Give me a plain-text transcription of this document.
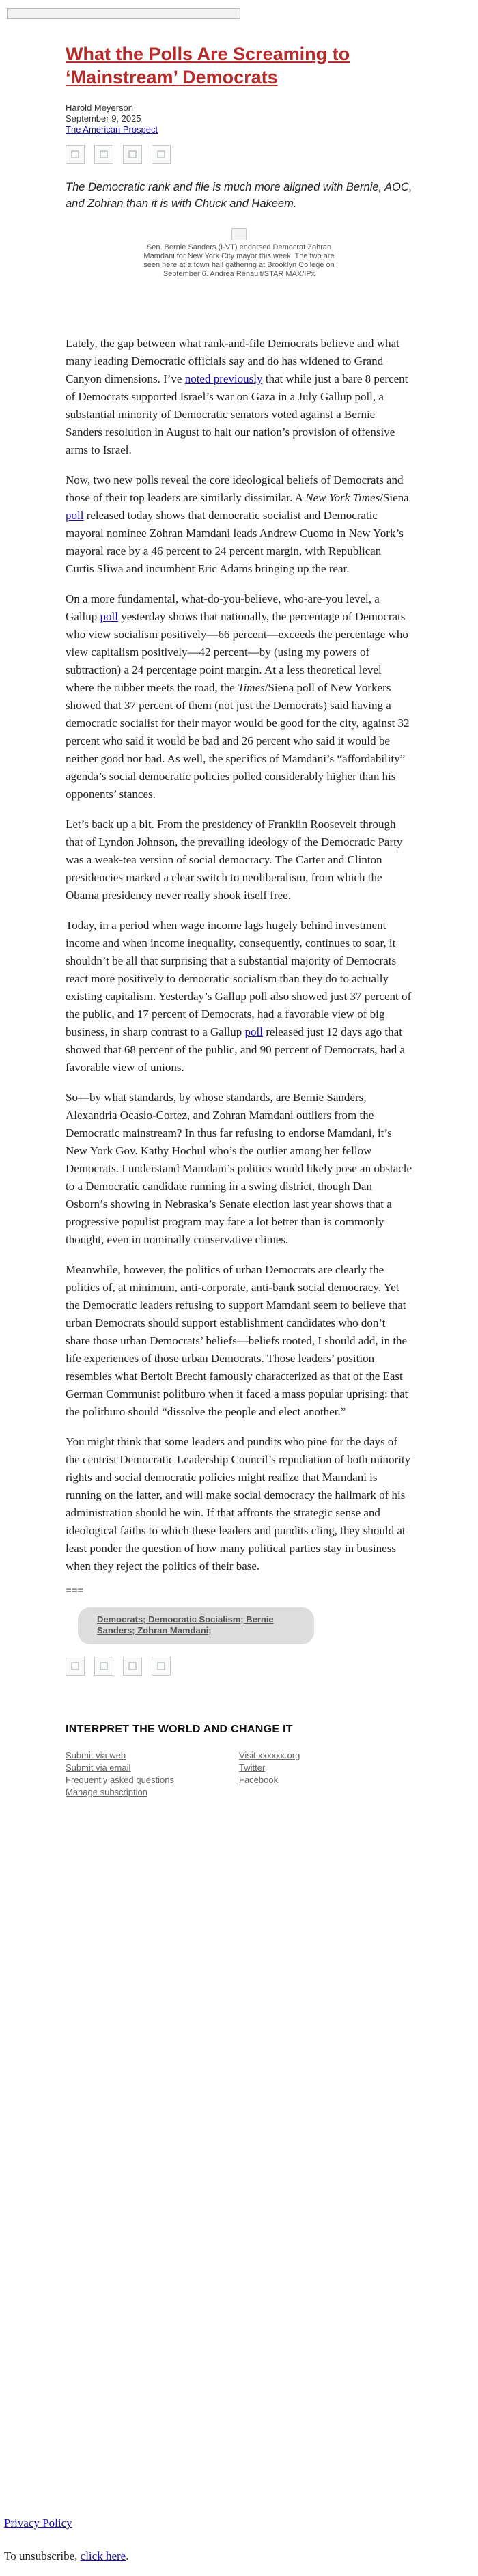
What the Polls Are Screaming to ‘Mainstream’ Democrats
Harold Meyerson
September 9, 2025
The American Prospect
The Democratic rank and file is much more aligned with Bernie, AOC, and Zohran than it is with Chuck and Hakeem.
Sen. Bernie Sanders (I-VT) endorsed Democrat Zohran Mamdani for New York City mayor this week. The two are seen here at a town hall gathering at Brooklyn College on September 6. Andrea Renault/STAR MAX/IPx

Lately, the gap between what rank-and-file Democrats believe and what many leading Democratic officials say and do has widened to Grand Canyon dimensions. I’ve noted previously that while just a bare 8 percent of Democrats supported Israel’s war on Gaza in a July Gallup poll, a substantial minority of Democratic senators voted against a Bernie Sanders resolution in August to halt our nation’s provision of offensive arms to Israel.

Now, two new polls reveal the core ideological beliefs of Democrats and those of their top leaders are similarly dissimilar. A New York Times/Siena poll released today shows that democratic socialist and Democratic mayoral nominee Zohran Mamdani leads Andrew Cuomo in New York’s mayoral race by a 46 percent to 24 percent margin, with Republican Curtis Sliwa and incumbent Eric Adams bringing up the rear.

On a more fundamental, what-do-you-believe, who-are-you level, a Gallup poll yesterday shows that nationally, the percentage of Democrats who view socialism positively—66 percent—exceeds the percentage who view capitalism positively—42 percent—by (using my powers of subtraction) a 24 percentage point margin. At a less theoretical level where the rubber meets the road, the Times/Siena poll of New Yorkers showed that 37 percent of them (not just the Democrats) said having a democratic socialist for their mayor would be good for the city, against 32 percent who said it would be bad and 26 percent who said it would be neither good nor bad. As well, the specifics of Mamdani’s “affordability” agenda’s social democratic policies polled considerably higher than his opponents’ stances.

Let’s back up a bit. From the presidency of Franklin Roosevelt through that of Lyndon Johnson, the prevailing ideology of the Democratic Party was a weak-tea version of social democracy. The Carter and Clinton presidencies marked a clear switch to neoliberalism, from which the Obama presidency never really shook itself free.

Today, in a period when wage income lags hugely behind investment income and when income inequality, consequently, continues to soar, it shouldn’t be all that surprising that a substantial majority of Democrats react more positively to democratic socialism than they do to actually existing capitalism. Yesterday’s Gallup poll also showed just 37 percent of the public, and 17 percent of Democrats, had a favorable view of big business, in sharp contrast to a Gallup poll released just 12 days ago that showed that 68 percent of the public, and 90 percent of Democrats, had a favorable view of unions.

So—by what standards, by whose standards, are Bernie Sanders, Alexandria Ocasio-Cortez, and Zohran Mamdani outliers from the Democratic mainstream? In thus far refusing to endorse Mamdani, it’s New York Gov. Kathy Hochul who’s the outlier among her fellow Democrats. I understand Mamdani’s politics would likely pose an obstacle to a Democratic candidate running in a swing district, though Dan Osborn’s showing in Nebraska’s Senate election last year shows that a progressive populist program may fare a lot better than is commonly thought, even in nominally conservative climes.

Meanwhile, however, the politics of urban Democrats are clearly the politics of, at minimum, anti-corporate, anti-bank social democracy. Yet the Democratic leaders refusing to support Mamdani seem to believe that urban Democrats should support establishment candidates who don’t share those urban Democrats’ beliefs—beliefs rooted, I should add, in the life experiences of those urban Democrats. Those leaders’ position resembles what Bertolt Brecht famously characterized as that of the East German Communist politburo when it faced a mass popular uprising: that the politburo should “dissolve the people and elect another.”

You might think that some leaders and pundits who pine for the days of the centrist Democratic Leadership Council’s repudiation of both minority rights and social democratic policies might realize that Mamdani is running on the latter, and will make social democracy the hallmark of his administration should he win. If that affronts the strategic sense and ideological faiths to which these leaders and pundits cling, they should at least ponder the question of how many political parties stay in business when they reject the politics of their base.

===
Democrats; Democratic Socialism; Bernie Sanders; Zohran Mamdani;
INTERPRET THE WORLD AND CHANGE IT
Submit via web
Submit via email
Frequently asked questions
Manage subscription
Visit xxxxxx.org
Twitter
Facebook

Privacy Policy

To unsubscribe, click here.
